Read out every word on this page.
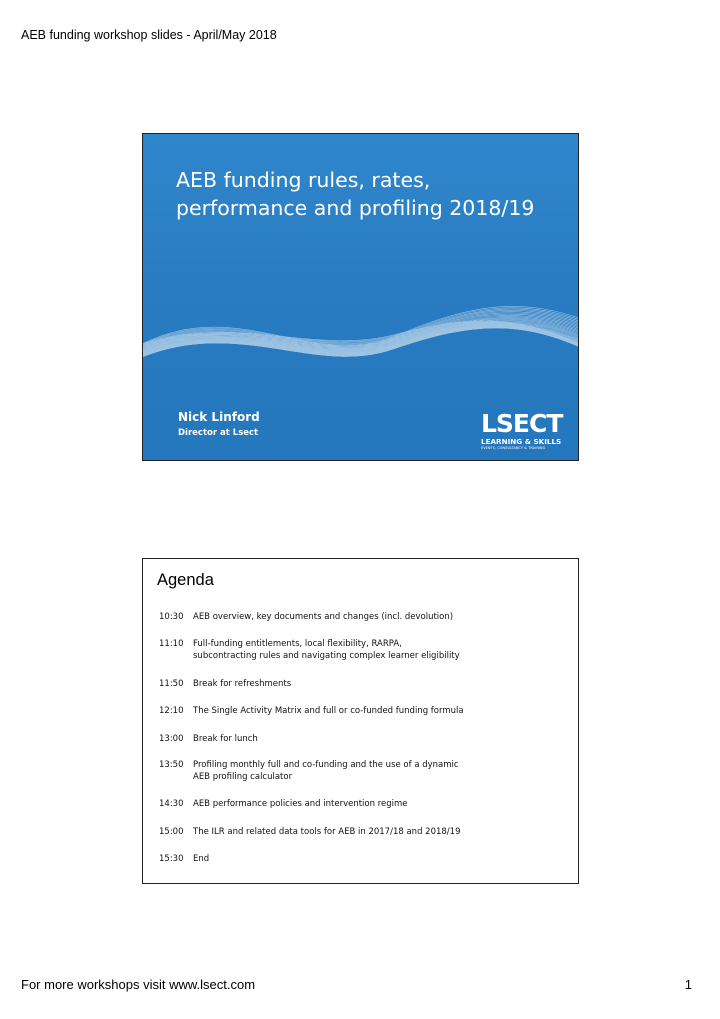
AEB funding workshop slides - April/May 2018
AEB funding rules, rates, performance and profiling 2018/19
Nick Linford
Director at Lsect	LSECT
LEARNING & SKILLS
EVENTS, CONSULTANCY & TRAINING
Agenda
10:30	AEB overview, key documents and changes (incl. devolution)
11:10	Full-funding entitlements, local flexibility, RARPA,
subcontracting rules and navigating complex learner eligibility
11:50	Break for refreshments
12:10	The Single Activity Matrix and full or co-funded funding formula
13:00	Break for lunch
13:50	Profiling monthly full and co-funding and the use of a dynamic
AEB profiling calculator
14:30	AEB performance policies and intervention regime
15:00	The ILR and related data tools for AEB in 2017/18 and 2018/19
15:30	End
For more workshops visit www.lsect.com	1
